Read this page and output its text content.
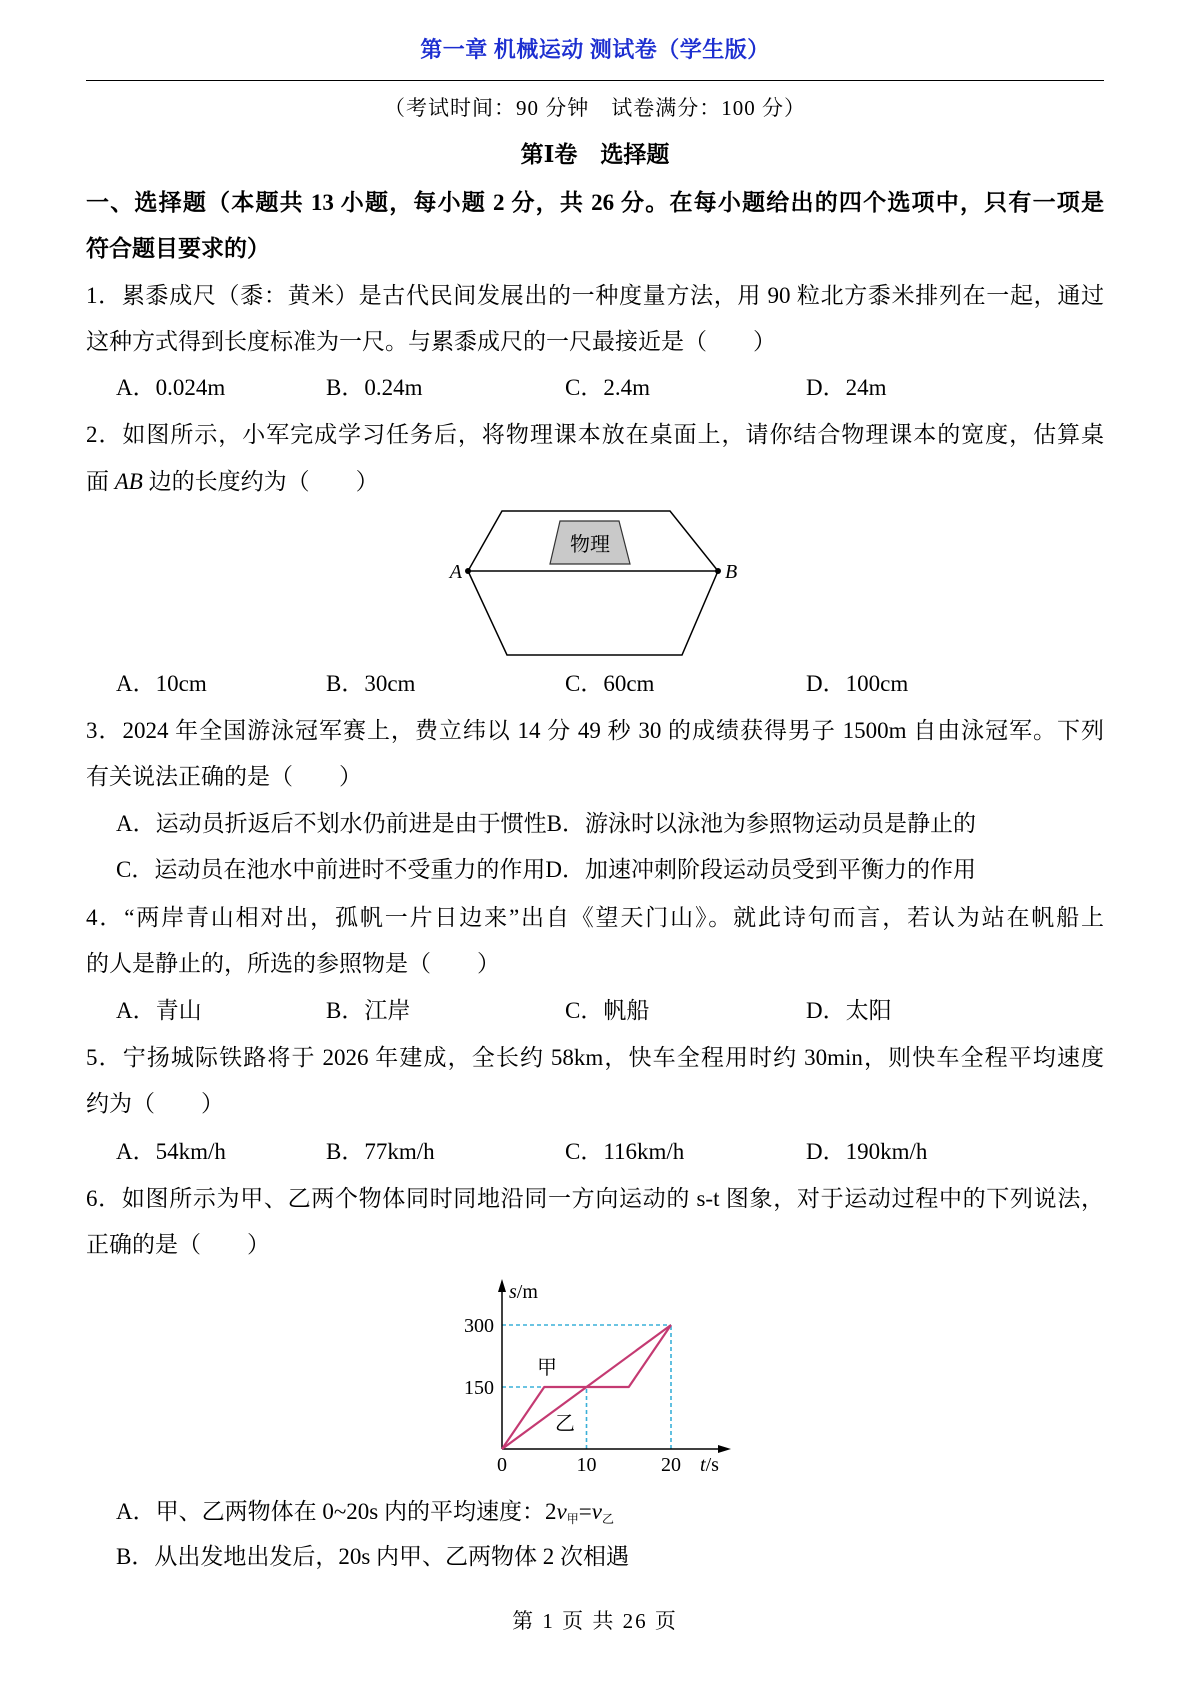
第一章 机械运动 测试卷（学生版）
（考试时间：90 分钟　试卷满分：100 分）
第Ⅰ卷　选择题
一、选择题（本题共 13 小题，每小题 2 分，共 26 分。在每小题给出的四个选项中，只有一项是
符合题目要求的）
1．累黍成尺（黍：黄米）是古代民间发展出的一种度量方法，用 90 粒北方黍米排列在一起，通过
这种方式得到长度标准为一尺。与累黍成尺的一尺最接近是（　　）
A．0.024m	B．0.24m	C．2.4m	D．24m
2．如图所示，小军完成学习任务后，将物理课本放在桌面上，请你结合物理课本的宽度，估算桌
面 AB 边的长度约为（　　）
物理
A	B
A．10cm	B．30cm	C．60cm	D．100cm
3．2024 年全国游泳冠军赛上，费立纬以 14 分 49 秒 30 的成绩获得男子 1500m 自由泳冠军。下列
有关说法正确的是（　　）
A．运动员折返后不划水仍前进是由于惯性B．游泳时以泳池为参照物运动员是静止的
C．运动员在池水中前进时不受重力的作用D．加速冲刺阶段运动员受到平衡力的作用
4．“两岸青山相对出，孤帆一片日边来”出自《望天门山》。就此诗句而言，若认为站在帆船上
的人是静止的，所选的参照物是（　　）
A．青山	B．江岸	C．帆船	D．太阳
5．宁扬城际铁路将于 2026 年建成，全长约 58km，快车全程用时约 30min，则快车全程平均速度
约为（　　）
A．54km/h	B．77km/h	C．116km/h	D．190km/h
6．如图所示为甲、乙两个物体同时同地沿同一方向运动的 s-t 图象，对于运动过程中的下列说法，
正确的是（　　）
甲
乙
150
300
0	10	20
s/m
t/s
A．甲、乙两物体在 0~20s 内的平均速度：$2v_甲=v_乙$
B．从出发地出发后，20s 内甲、乙两物体 2 次相遇
第 1 页 共 26 页
